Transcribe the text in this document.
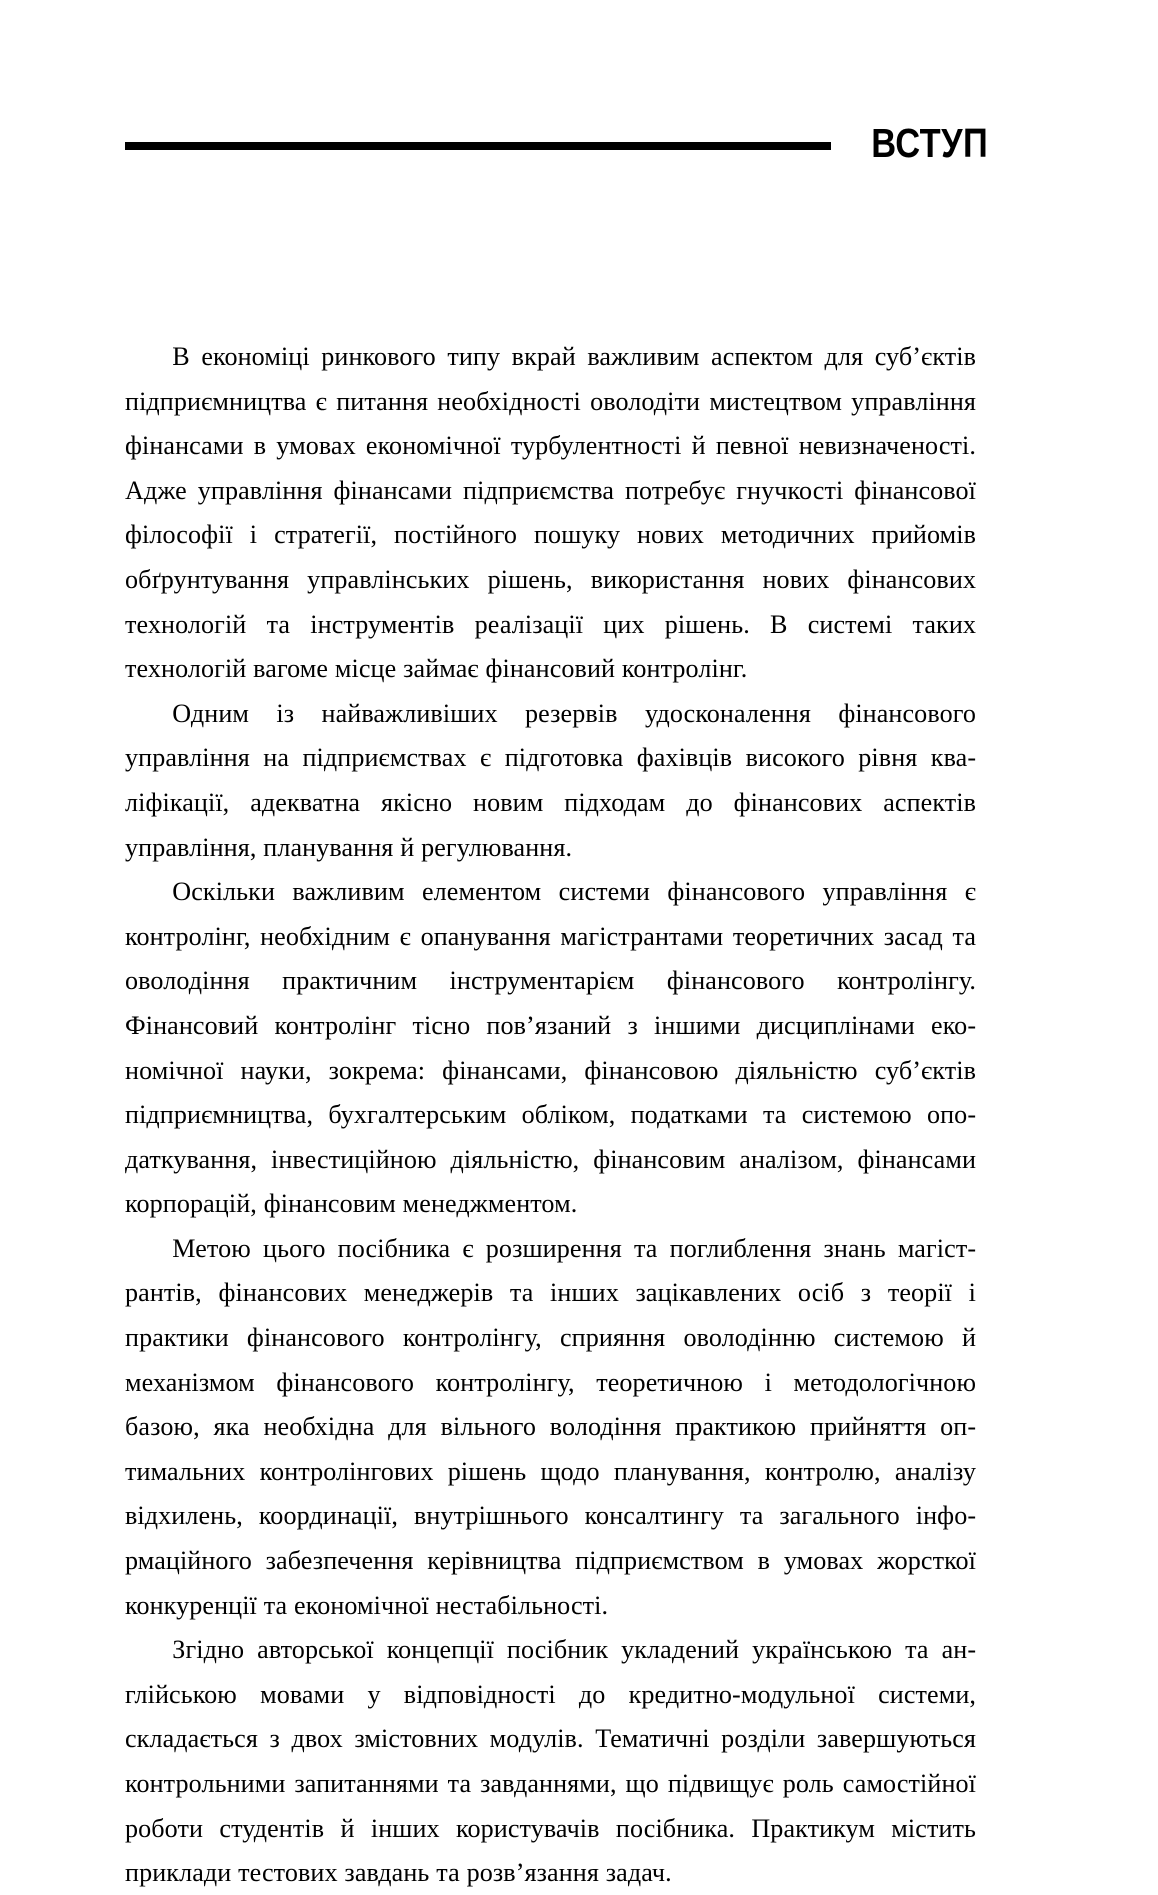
ВСТУП

В економіці ринкового типу вкрай важливим аспектом для суб’єктів підприємництва є питання необхідності оволодіти мистецтвом управління фінансами в умовах економічної турбулентності й певної невизначеності. Адже управління фінансами підприємства потребує гнучкості фінансової філософії і стратегії, постійного пошуку нових методичних прийомів обґрунтування управлінських рішень, використання нових фінансових технологій та інструментів реалізації цих рішень. В системі таких технологій вагоме місце займає фінансовий контролінг.

Одним із найважливіших резервів удосконалення фінансового управління на підприємствах є підготовка фахівців високого рівня кваліфікації, адекватна якісно новим підходам до фінансових аспектів управління, планування й регулювання.

Оскільки важливим елементом системи фінансового управління є контролінг, необхідним є опанування магістрантами теоретичних засад та оволодіння практичним інструментарієм фінансового контролінгу. Фінансовий контролінг тісно пов’язаний з іншими дисциплінами економічної науки, зокрема: фінансами, фінансовою діяльністю суб’єктів підприємництва, бухгалтерським обліком, податками та системою оподаткування, інвестиційною діяльністю, фінансовим аналізом, фінансами корпорацій, фінансовим менеджментом.

Метою цього посібника є розширення та поглиблення знань магістрантів, фінансових менеджерів та інших зацікавлених осіб з теорії і практики фінансового контролінгу, сприяння оволодінню системою й механізмом фінансового контролінгу, теоретичною і методологічною базою, яка необхідна для вільного володіння практикою прийняття оптимальних контролінгових рішень щодо планування, контролю, аналізу відхилень, координації, внутрішнього консалтингу та загального інформаційного забезпечення керівництва підприємством в умовах жорсткої конкуренції та економічної нестабільності.

Згідно авторської концепції посібник укладений українською та англійською мовами у відповідності до кредитно-модульної системи, складається з двох змістовних модулів. Тематичні розділи завершуються контрольними запитаннями та завданнями, що підвищує роль самостійної роботи студентів й інших користувачів посібника. Практикум містить приклади тестових завдань та розв’язання задач.
